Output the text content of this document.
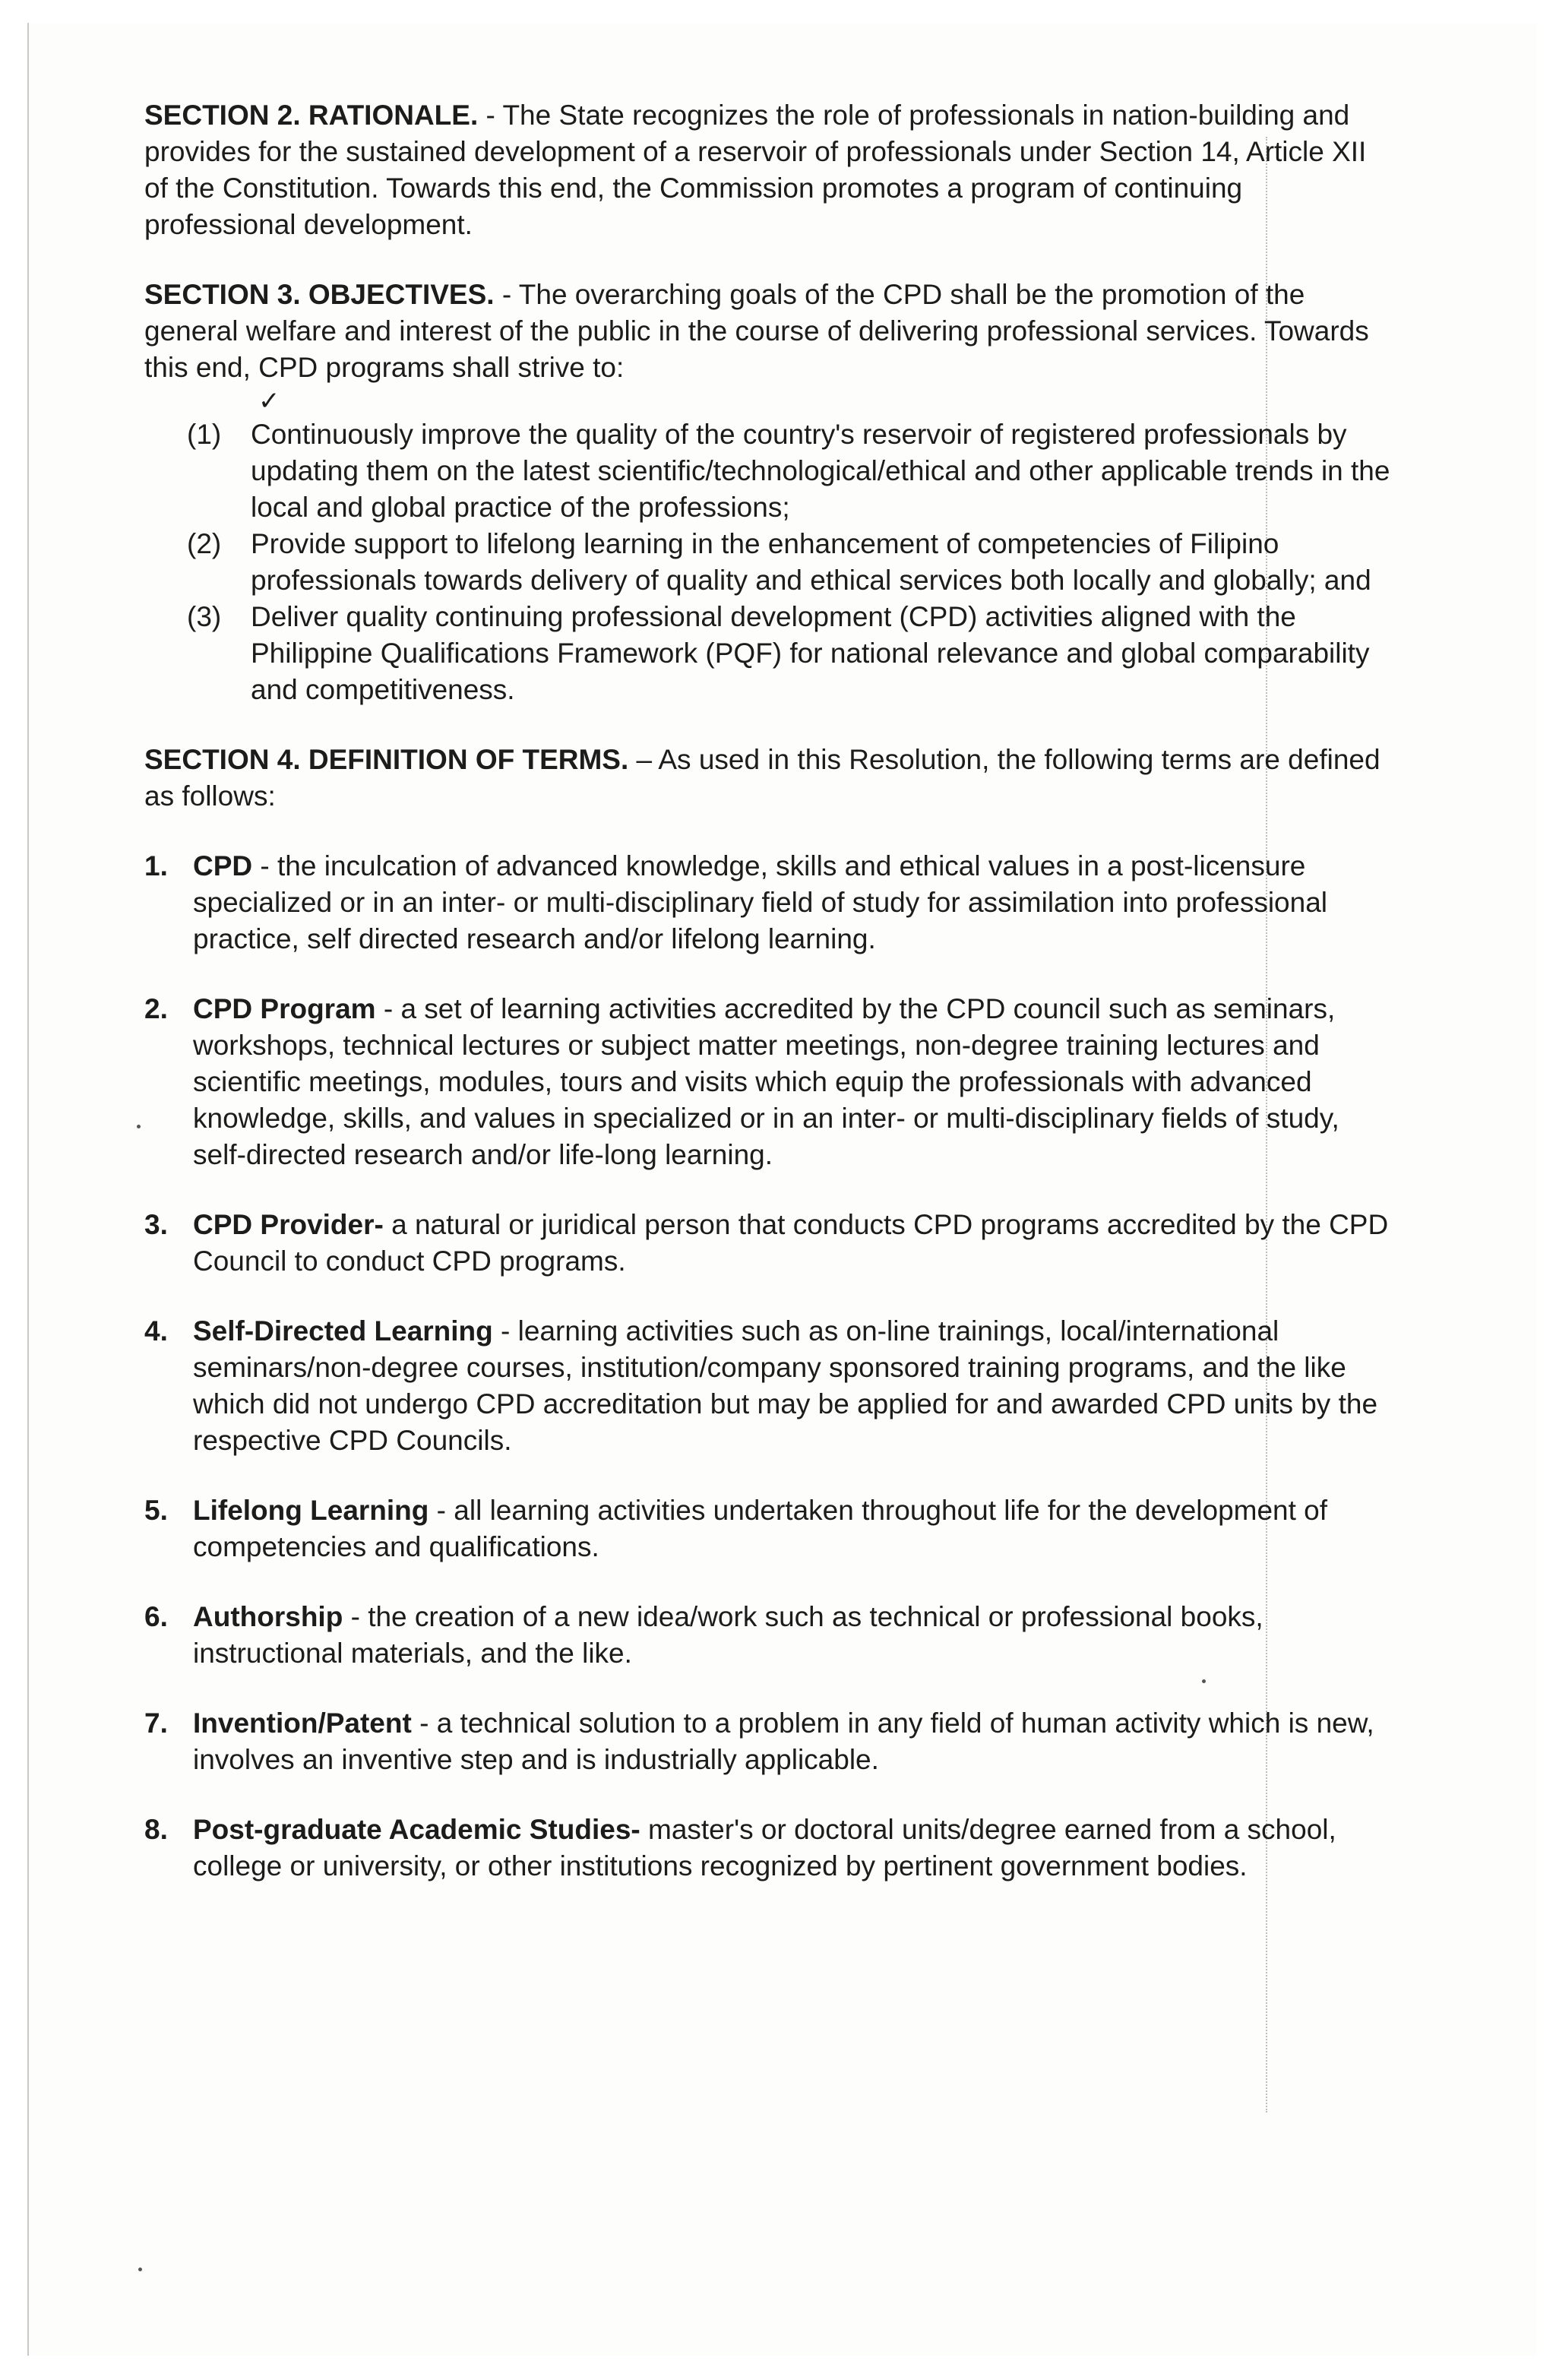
SECTION 2. RATIONALE. - The State recognizes the role of professionals in nation-building and provides for the sustained development of a reservoir of professionals under Section 14, Article XII of the Constitution. Towards this end, the Commission promotes a program of continuing professional development.

SECTION 3. OBJECTIVES. - The overarching goals of the CPD shall be the promotion of the general welfare and interest of the public in the course of delivering professional services. Towards this end, CPD programs shall strive to:

✓
(1)	Continuously improve the quality of the country's reservoir of registered professionals by updating them on the latest scientific/technological/ethical and other applicable trends in the local and global practice of the professions;
(2)	Provide support to lifelong learning in the enhancement of competencies of Filipino professionals towards delivery of quality and ethical services both locally and globally; and
(3)	Deliver quality continuing professional development (CPD) activities aligned with the Philippine Qualifications Framework (PQF) for national relevance and global comparability and competitiveness.

SECTION 4. DEFINITION OF TERMS. – As used in this Resolution, the following terms are defined as follows:

1. CPD - the inculcation of advanced knowledge, skills and ethical values in a post-licensure specialized or in an inter- or multi-disciplinary field of study for assimilation into professional practice, self directed research and/or lifelong learning.
2. CPD Program - a set of learning activities accredited by the CPD council such as seminars, workshops, technical lectures or subject matter meetings, non-degree training lectures and scientific meetings, modules, tours and visits which equip the professionals with advanced knowledge, skills, and values in specialized or in an inter- or multi-disciplinary fields of study, self-directed research and/or life-long learning.
3. CPD Provider- a natural or juridical person that conducts CPD programs accredited by the CPD Council to conduct CPD programs.
4. Self-Directed Learning - learning activities such as on-line trainings, local/international seminars/non-degree courses, institution/company sponsored training programs, and the like which did not undergo CPD accreditation but may be applied for and awarded CPD units by the respective CPD Councils.
5. Lifelong Learning - all learning activities undertaken throughout life for the development of competencies and qualifications.
6. Authorship - the creation of a new idea/work such as technical or professional books, instructional materials, and the like.
7. Invention/Patent - a technical solution to a problem in any field of human activity which is new, involves an inventive step and is industrially applicable.
8. Post-graduate Academic Studies- master's or doctoral units/degree earned from a school, college or university, or other institutions recognized by pertinent government bodies.
